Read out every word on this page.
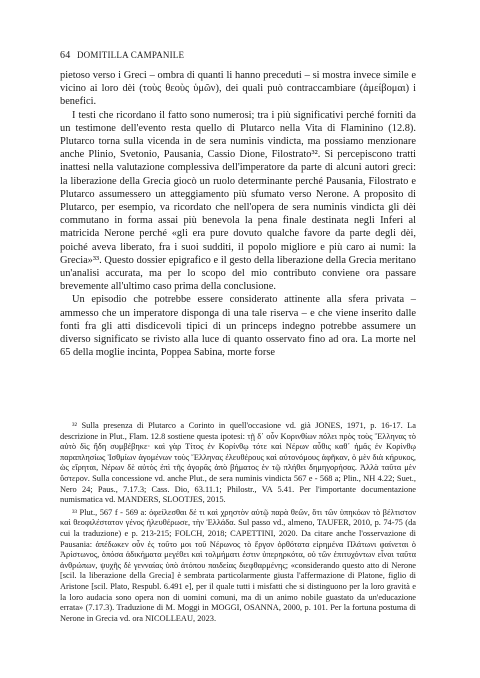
64 DOMITILLA CAMPANILE

pietoso verso i Greci – ombra di quanti li hanno preceduti – si mostra invece simile e vicino ai loro dèi (τοὺς θεοὺς ὑμῶν), dei quali può contraccambiare (ἀμείβομαι) i benefici.

I testi che ricordano il fatto sono numerosi; tra i più significativi perché forniti da un testimone dell'evento resta quello di Plutarco nella Vita di Flaminino (12.8). Plutarco torna sulla vicenda in de sera numinis vindicta, ma possiamo menzionare anche Plinio, Svetonio, Pausania, Cassio Dione, Filostrato³². Si percepiscono tratti inattesi nella valutazione complessiva dell'imperatore da parte di alcuni autori greci: la liberazione della Grecia giocò un ruolo determinante perché Pausania, Filostrato e Plutarco assumessero un atteggiamento più sfumato verso Nerone. A proposito di Plutarco, per esempio, va ricordato che nell'opera de sera numinis vindicta gli dèi commutano in forma assai più benevola la pena finale destinata negli Inferi al matricida Nerone perché «gli era pure dovuto qualche favore da parte degli dèi, poiché aveva liberato, fra i suoi sudditi, il popolo migliore e più caro ai numi: la Grecia»³³. Questo dossier epigrafico e il gesto della liberazione della Grecia meritano un'analisi accurata, ma per lo scopo del mio contributo conviene ora passare brevemente all'ultimo caso prima della conclusione.

Un episodio che potrebbe essere considerato attinente alla sfera privata – ammesso che un imperatore disponga di una tale riserva – e che viene inserito dalle fonti fra gli atti disdicevoli tipici di un princeps indegno potrebbe assumere un diverso significato se rivisto alla luce di quanto osservato fino ad ora. La morte nel 65 della moglie incinta, Poppea Sabina, morte forse

³² Sulla presenza di Plutarco a Corinto in quell'occasione vd. già JONES, 1971, p. 16-17. La descrizione in Plut., Flam. 12.8 sostiene questa ipotesi: τῇ δ᾽ οὖν Κορινθίων πόλει πρὸς τοὺς Ἕλληνας τὸ αὐτὸ δὶς ἤδη συμβέβηκε· καὶ γὰρ Τίτος ἐν Κορίνθῳ τότε καὶ Νέρων αὖθις καθ᾽ ἡμᾶς ἐν Κορίνθῳ παραπλησίως Ἰσθμίων ἀγομένων τοὺς Ἕλληνας ἐλευθέρους καὶ αὐτονόμους ἀφῆκαν, ὁ μὲν διὰ κήρυκος, ὡς εἴρηται, Νέρων δὲ αὐτὸς ἐπὶ τῆς ἀγορᾶς ἀπὸ βήματος ἐν τῷ πλήθει δημηγορήσας. Ἀλλὰ ταῦτα μὲν ὕστερον. Sulla concessione vd. anche Plut., de sera numinis vindicta 567 e - 568 a; Plin., NH 4.22; Suet., Nero 24; Paus., 7.17.3; Cass. Dio, 63.11.1; Philostr., VA 5.41. Per l'importante documentazione numismatica vd. MANDERS, SLOOTJES, 2015.

³³ Plut., 567 f - 569 a: ὀφείλεσθαι δέ τι καὶ χρηστὸν αὐτῷ παρὰ θεῶν, ὅτι τῶν ὑπηκόων τὸ βέλτιστον καὶ θεοφιλέστατον γένος ἠλευθέρωσε, τὴν Ἑλλάδα. Sul passo vd., almeno, TAUFER, 2010, p. 74-75 (da cui la traduzione) e p. 213-215; FOLCH, 2018; CAPETTINI, 2020. Da citare anche l'osservazione di Pausania: ἀπέδωκεν οὖν ἐς τοῦτο μοι τοῦ Νέρωνος τὸ ἔργον ὀρθότατα εἰρημένα Πλάτωνι φαίνεται ὁ Ἀρίστωνος, ὁπόσα ἀδικήματα μεγέθει καὶ τολμήματι ἐστιν ὑπερηρκότα, οὐ τῶν ἐπιτυχόντων εἶναι ταῦτα ἀνθρώπων, ψυχῆς δὲ γενναίας ὑπὸ ἀτόπου παιδείας διεφθαρμένης; «considerando questo atto di Nerone [scil. la liberazione della Grecia] è sembrata particolarmente giusta l'affermazione di Platone, figlio di Aristone [scil. Plato, Respubl. 6.491 e], per il quale tutti i misfatti che si distinguono per la loro gravità e la loro audacia sono opera non di uomini comuni, ma di un animo nobile guastato da un'educazione errata» (7.17.3). Traduzione di M. Moggi in MOGGI, OSANNA, 2000, p. 101. Per la fortuna postuma di Nerone in Grecia vd. ora NICOLLEAU, 2023.
